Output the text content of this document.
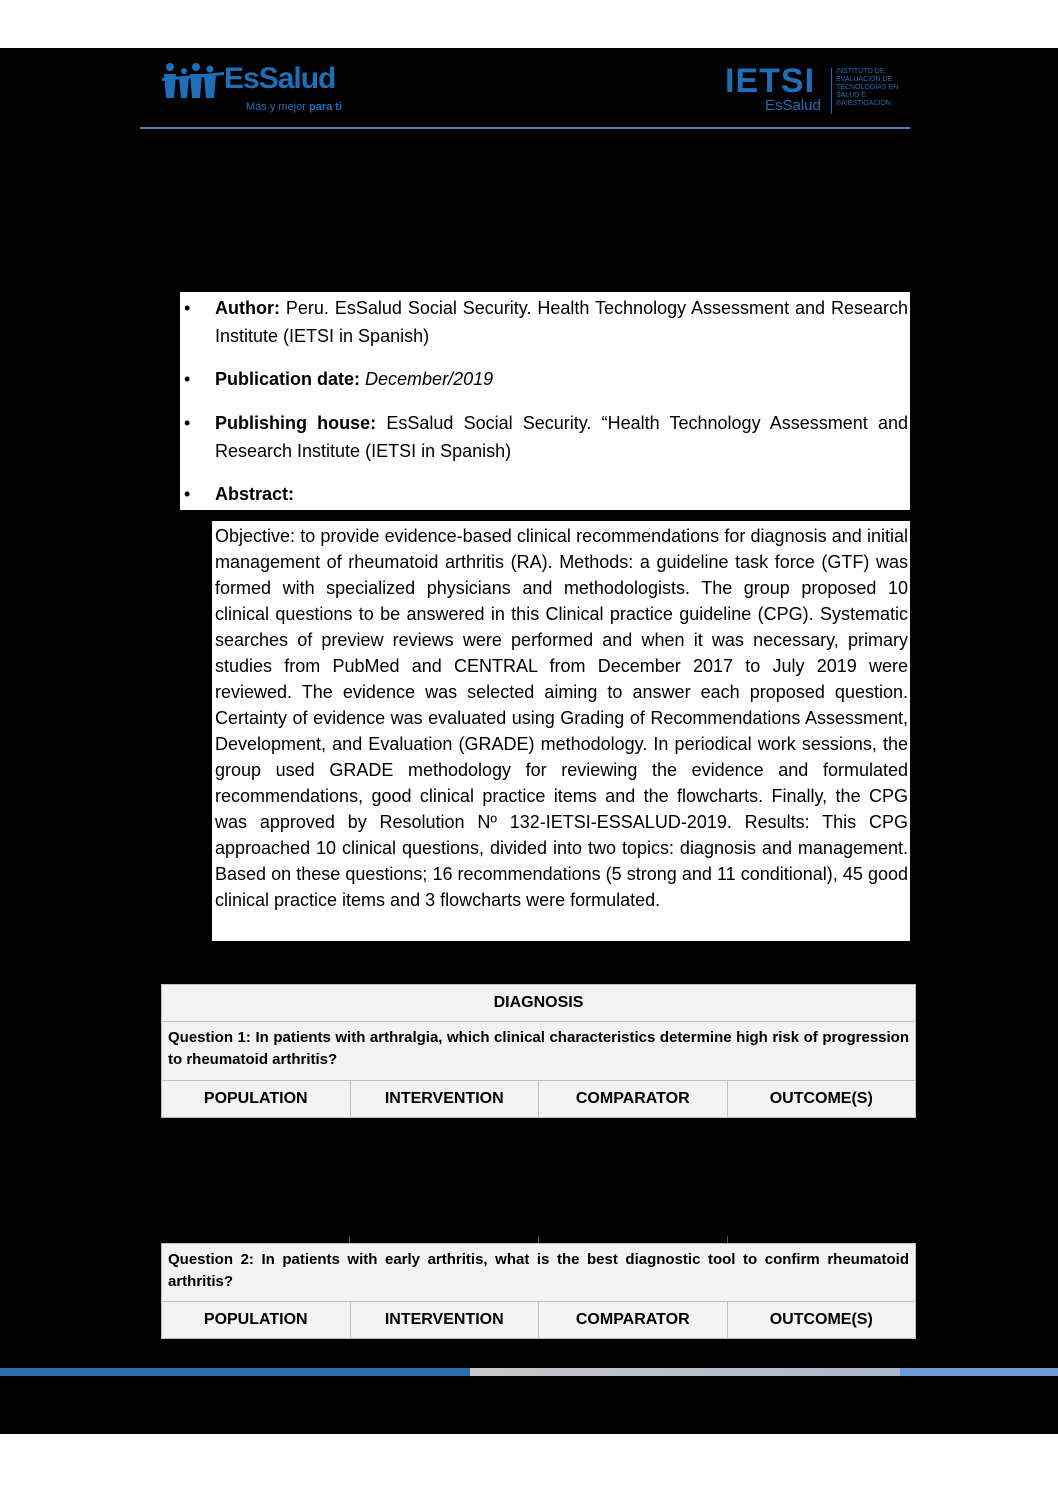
EsSalud
Más y mejor para ti
IETSI
EsSalud
INSTITUTO DE
EVALUACIÓN DE
TECNOLOGÍAS EN
SALUD E
INVESTIGACIÓN
• Author: Peru. EsSalud Social Security. Health Technology Assessment and Research Institute (IETSI in Spanish)
• Publication date: December/2019
• Publishing house: EsSalud Social Security. “Health Technology Assessment and Research Institute (IETSI in Spanish)
• Abstract:
Objective: to provide evidence-based clinical recommendations for diagnosis and initial management of rheumatoid arthritis (RA). Methods: a guideline task force (GTF) was formed with specialized physicians and methodologists. The group proposed 10 clinical questions to be answered in this Clinical practice guideline (CPG). Systematic searches of preview reviews were performed and when it was necessary, primary studies from PubMed and CENTRAL from December 2017 to July 2019 were reviewed. The evidence was selected aiming to answer each proposed question. Certainty of evidence was evaluated using Grading of Recommendations Assessment, Development, and Evaluation (GRADE) methodology. In periodical work sessions, the group used GRADE methodology for reviewing the evidence and formulated recommendations, good clinical practice items and the flowcharts. Finally, the CPG was approved by Resolution Nº 132-IETSI-ESSALUD-2019. Results: This CPG approached 10 clinical questions, divided into two topics: diagnosis and management. Based on these questions; 16 recommendations (5 strong and 11 conditional), 45 good clinical practice items and 3 flowcharts were formulated.
DIAGNOSIS
Question 1: In patients with arthralgia, which clinical characteristics determine high risk of progression to rheumatoid arthritis?
POPULATION	INTERVENTION	COMPARATOR	OUTCOME(S)
Question 2: In patients with early arthritis, what is the best diagnostic tool to confirm rheumatoid arthritis?
POPULATION	INTERVENTION	COMPARATOR	OUTCOME(S)
